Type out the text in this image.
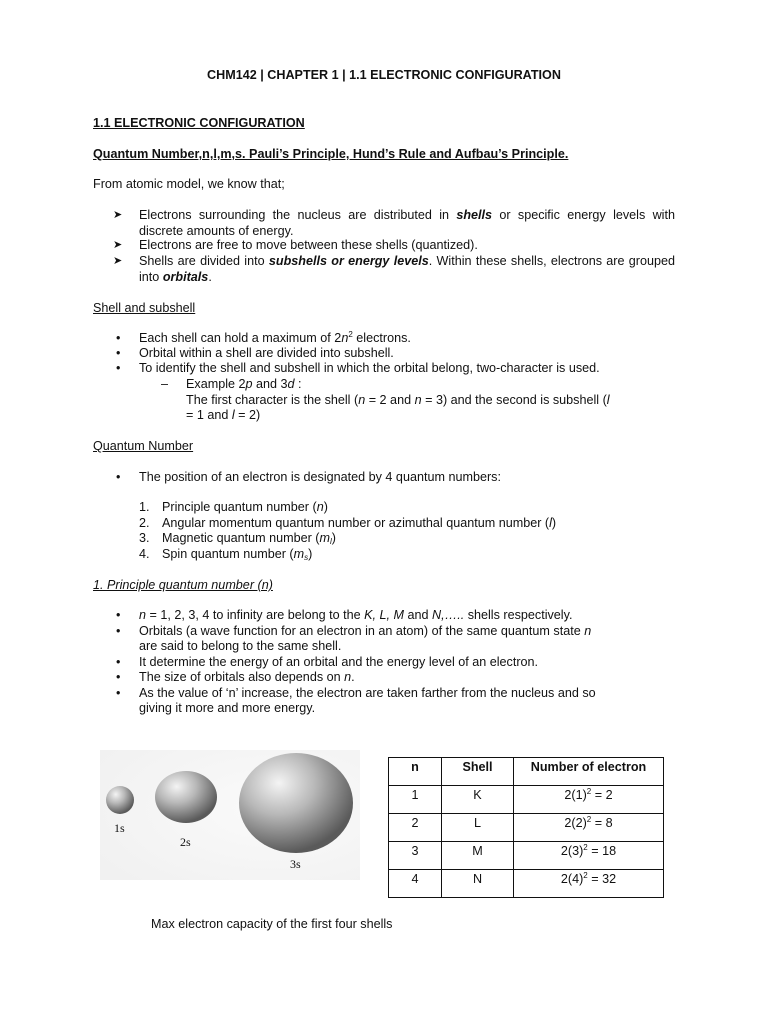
CHM142 | CHAPTER 1 | 1.1 ELECTRONIC CONFIGURATION
1.1 ELECTRONIC CONFIGURATION
Quantum Number,n,l,m,s. Pauli’s Principle, Hund’s Rule and Aufbau’s Principle.
From atomic model, we know that;
➤ Electrons surrounding the nucleus are distributed in shells or specific energy levels with discrete amounts of energy.
➤ Electrons are free to move between these shells (quantized).
➤ Shells are divided into subshells or energy levels. Within these shells, electrons are grouped into orbitals.
Shell and subshell
• Each shell can hold a maximum of $2n^2$ electrons.
• Orbital within a shell are divided into subshell.
• To identify the shell and subshell in which the orbital belong, two-character is used.
– Example 2p and 3d :
The first character is the shell (n = 2 and n = 3) and the second is subshell (l
= 1 and l = 2)
Quantum Number
• The position of an electron is designated by 4 quantum numbers:
1. Principle quantum number (n)
2. Angular momentum quantum number or azimuthal quantum number (l)
3. Magnetic quantum number $(m_l)$
4. Spin quantum number $(m_s)$
1. Principle quantum number (n)
• n = 1, 2, 3, 4 to infinity are belong to the K, L, M and N,….. shells respectively.
• Orbitals (a wave function for an electron in an atom) of the same quantum state n
are said to belong to the same shell.
• It determine the energy of an orbital and the energy level of an electron.
• The size of orbitals also depends on n.
• As the value of ‘n’ increase, the electron are taken farther from the nucleus and so
giving it more and more energy.
1s
2s
3s
n	Shell	Number of electron
1	K	$2(1)^2 = 2$
2	L	$2(2)^2 = 8$
3	M	$2(3)^2 = 18$
4	N	$2(4)^2 = 32$
Max electron capacity of the first four shells
